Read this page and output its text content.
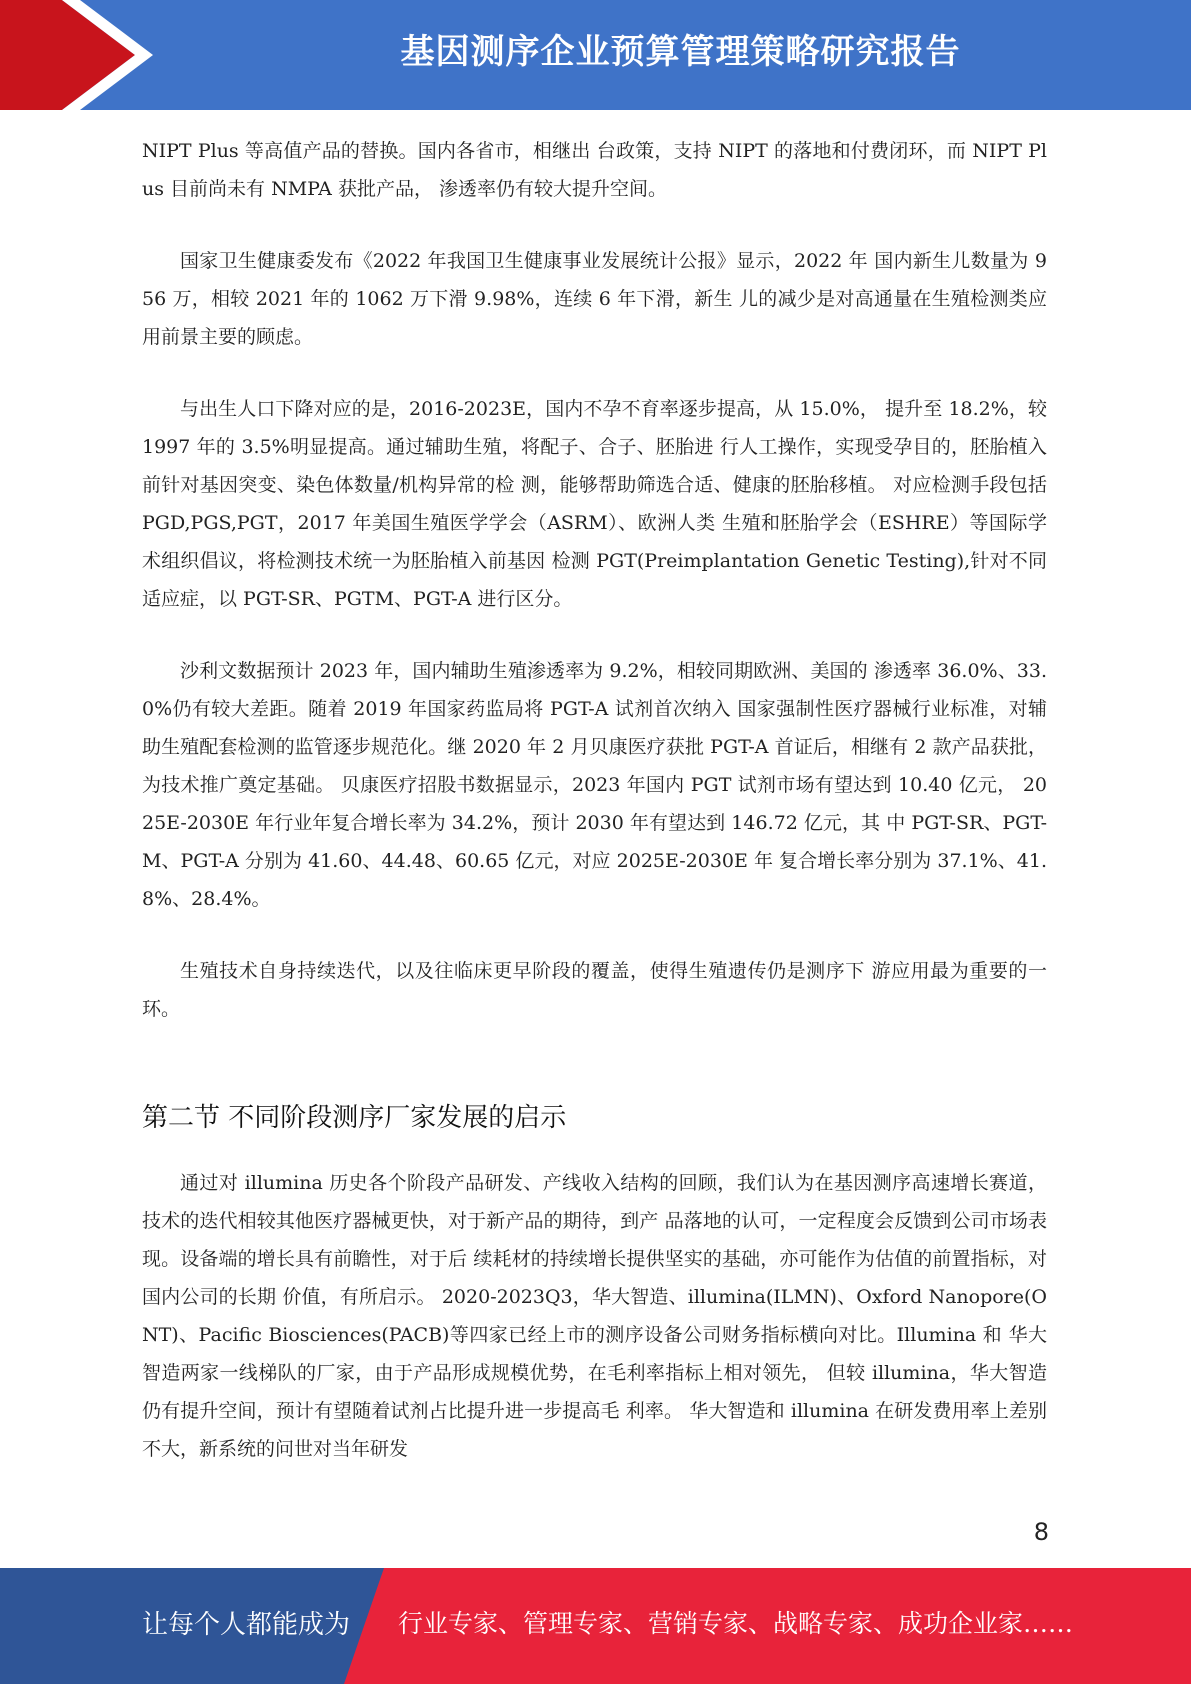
基因测序企业预算管理策略研究报告

NIPT Plus 等高值产品的替换。国内各省市，相继出 台政策，支持 NIPT 的落地和付费闭环，而 NIPT Plus 目前尚未有 NMPA 获批产品， 渗透率仍有较大提升空间。

国家卫生健康委发布《2022 年我国卫生健康事业发展统计公报》显示，2022 年 国内新生儿数量为 956 万，相较 2021 年的 1062 万下滑 9.98%，连续 6 年下滑，新生 儿的减少是对高通量在生殖检测类应用前景主要的顾虑。

与出生人口下降对应的是，2016-2023E，国内不孕不育率逐步提高，从 15.0%， 提升至 18.2%，较 1997 年的 3.5%明显提高。通过辅助生殖，将配子、合子、胚胎进 行人工操作，实现受孕目的，胚胎植入前针对基因突变、染色体数量/机构异常的检 测，能够帮助筛选合适、健康的胚胎移植。 对应检测手段包括 PGD,PGS,PGT，2017 年美国生殖医学学会（ASRM）、欧洲人类 生殖和胚胎学会（ESHRE）等国际学术组织倡议，将检测技术统一为胚胎植入前基因 检测 PGT(Preimplantation Genetic Testing),针对不同适应症，以 PGT-SR、PGTM、PGT-A 进行区分。

沙利文数据预计 2023 年，国内辅助生殖渗透率为 9.2%，相较同期欧洲、美国的 渗透率 36.0%、33.0%仍有较大差距。随着 2019 年国家药监局将 PGT-A 试剂首次纳入 国家强制性医疗器械行业标准，对辅助生殖配套检测的监管逐步规范化。继 2020 年 2 月贝康医疗获批 PGT-A 首证后，相继有 2 款产品获批，为技术推广奠定基础。 贝康医疗招股书数据显示，2023 年国内 PGT 试剂市场有望达到 10.40 亿元， 2025E-2030E 年行业年复合增长率为 34.2%，预计 2030 年有望达到 146.72 亿元，其 中 PGT-SR、PGT-M、PGT-A 分别为 41.60、44.48、60.65 亿元，对应 2025E-2030E 年 复合增长率分别为 37.1%、41.8%、28.4%。

生殖技术自身持续迭代，以及往临床更早阶段的覆盖，使得生殖遗传仍是测序下 游应用最为重要的一环。

第二节 不同阶段测序厂家发展的启示

通过对 illumina 历史各个阶段产品研发、产线收入结构的回顾，我们认为在基因测序高速增长赛道，技术的迭代相较其他医疗器械更快，对于新产品的期待，到产 品落地的认可，一定程度会反馈到公司市场表现。设备端的增长具有前瞻性，对于后 续耗材的持续增长提供坚实的基础，亦可能作为估值的前置指标，对国内公司的长期 价值，有所启示。 2020-2023Q3，华大智造、illumina(ILMN)、Oxford Nanopore(ONT)、Pacific Biosciences(PACB)等四家已经上市的测序设备公司财务指标横向对比。Illumina 和 华大智造两家一线梯队的厂家，由于产品形成规模优势，在毛利率指标上相对领先， 但较 illumina，华大智造仍有提升空间，预计有望随着试剂占比提升进一步提高毛 利率。 华大智造和 illumina 在研发费用率上差别不大，新系统的问世对当年研发

8
让每个人都能成为 行业专家、管理专家、营销专家、战略专家、成功企业家……
